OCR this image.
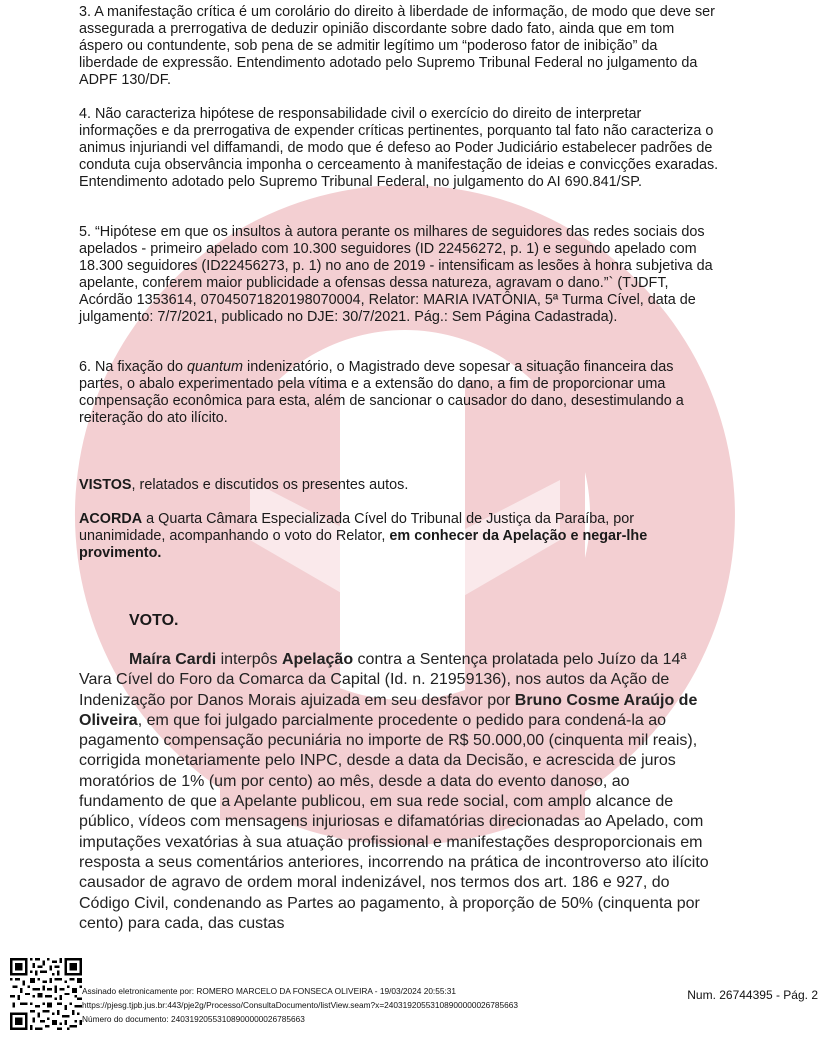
3. A manifestação crítica é um corolário do direito à liberdade de informação, de modo que deve ser assegurada a prerrogativa de deduzir opinião discordante sobre dado fato, ainda que em tom áspero ou contundente, sob pena de se admitir legítimo um “poderoso fator de inibição” da liberdade de expressão. Entendimento adotado pelo Supremo Tribunal Federal no julgamento da ADPF 130/DF.

4. Não caracteriza hipótese de responsabilidade civil o exercício do direito de interpretar informações e da prerrogativa de expender críticas pertinentes, porquanto tal fato não caracteriza o animus injuriandi vel diffamandi, de modo que é defeso ao Poder Judiciário estabelecer padrões de conduta cuja observância imponha o cerceamento à manifestação de ideias e convicções exaradas. Entendimento adotado pelo Supremo Tribunal Federal, no julgamento do AI 690.841/SP.

5. “Hipótese em que os insultos à autora perante os milhares de seguidores das redes sociais dos apelados - primeiro apelado com 10.300 seguidores (ID 22456272, p. 1) e segundo apelado com 18.300 seguidores (ID22456273, p. 1) no ano de 2019 - intensificam as lesões à honra subjetiva da apelante, conferem maior publicidade a ofensas dessa natureza, agravam o dano.”` (TJDFT, Acórdão 1353614, 07045071820198070004, Relator: MARIA IVATÔNIA, 5ª Turma Cível, data de julgamento: 7/7/2021, publicado no DJE: 30/7/2021. Pág.: Sem Página Cadastrada).

6. Na fixação do quantum indenizatório, o Magistrado deve sopesar a situação financeira das partes, o abalo experimentado pela vítima e a extensão do dano, a fim de proporcionar uma compensação econômica para esta, além de sancionar o causador do dano, desestimulando a reiteração do ato ilícito.

VISTOS, relatados e discutidos os presentes autos.

ACORDA a Quarta Câmara Especializada Cível do Tribunal de Justiça da Paraíba, por unanimidade, acompanhando o voto do Relator, em conhecer da Apelação e negar-lhe provimento.

VOTO.

Maíra Cardi interpôs Apelação contra a Sentença prolatada pelo Juízo da 14ª Vara Cível do Foro da Comarca da Capital (Id. n. 21959136), nos autos da Ação de Indenização por Danos Morais ajuizada em seu desfavor por Bruno Cosme Araújo de Oliveira, em que foi julgado parcialmente procedente o pedido para condená-la ao pagamento compensação pecuniária no importe de R$ 50.000,00 (cinquenta mil reais), corrigida monetariamente pelo INPC, desde a data da Decisão, e acrescida de juros moratórios de 1% (um por cento) ao mês, desde a data do evento danoso, ao fundamento de que a Apelante publicou, em sua rede social, com amplo alcance de público, vídeos com mensagens injuriosas e difamatórias direcionadas ao Apelado, com imputações vexatórias à sua atuação profissional e manifestações desproporcionais em resposta a seus comentários anteriores, incorrendo na prática de incontroverso ato ilícito causador de agravo de ordem moral indenizável, nos termos dos art. 186 e 927, do Código Civil, condenando as Partes ao pagamento, à proporção de 50% (cinquenta por cento) para cada, das custas

Assinado eletronicamente por: ROMERO MARCELO DA FONSECA OLIVEIRA - 19/03/2024 20:55:31
https://pjesg.tjpb.jus.br:443/pje2g/Processo/ConsultaDocumento/listView.seam?x=24031920553108900000026785663
Número do documento: 24031920553108900000026785663
Num. 26744395 - Pág. 2
